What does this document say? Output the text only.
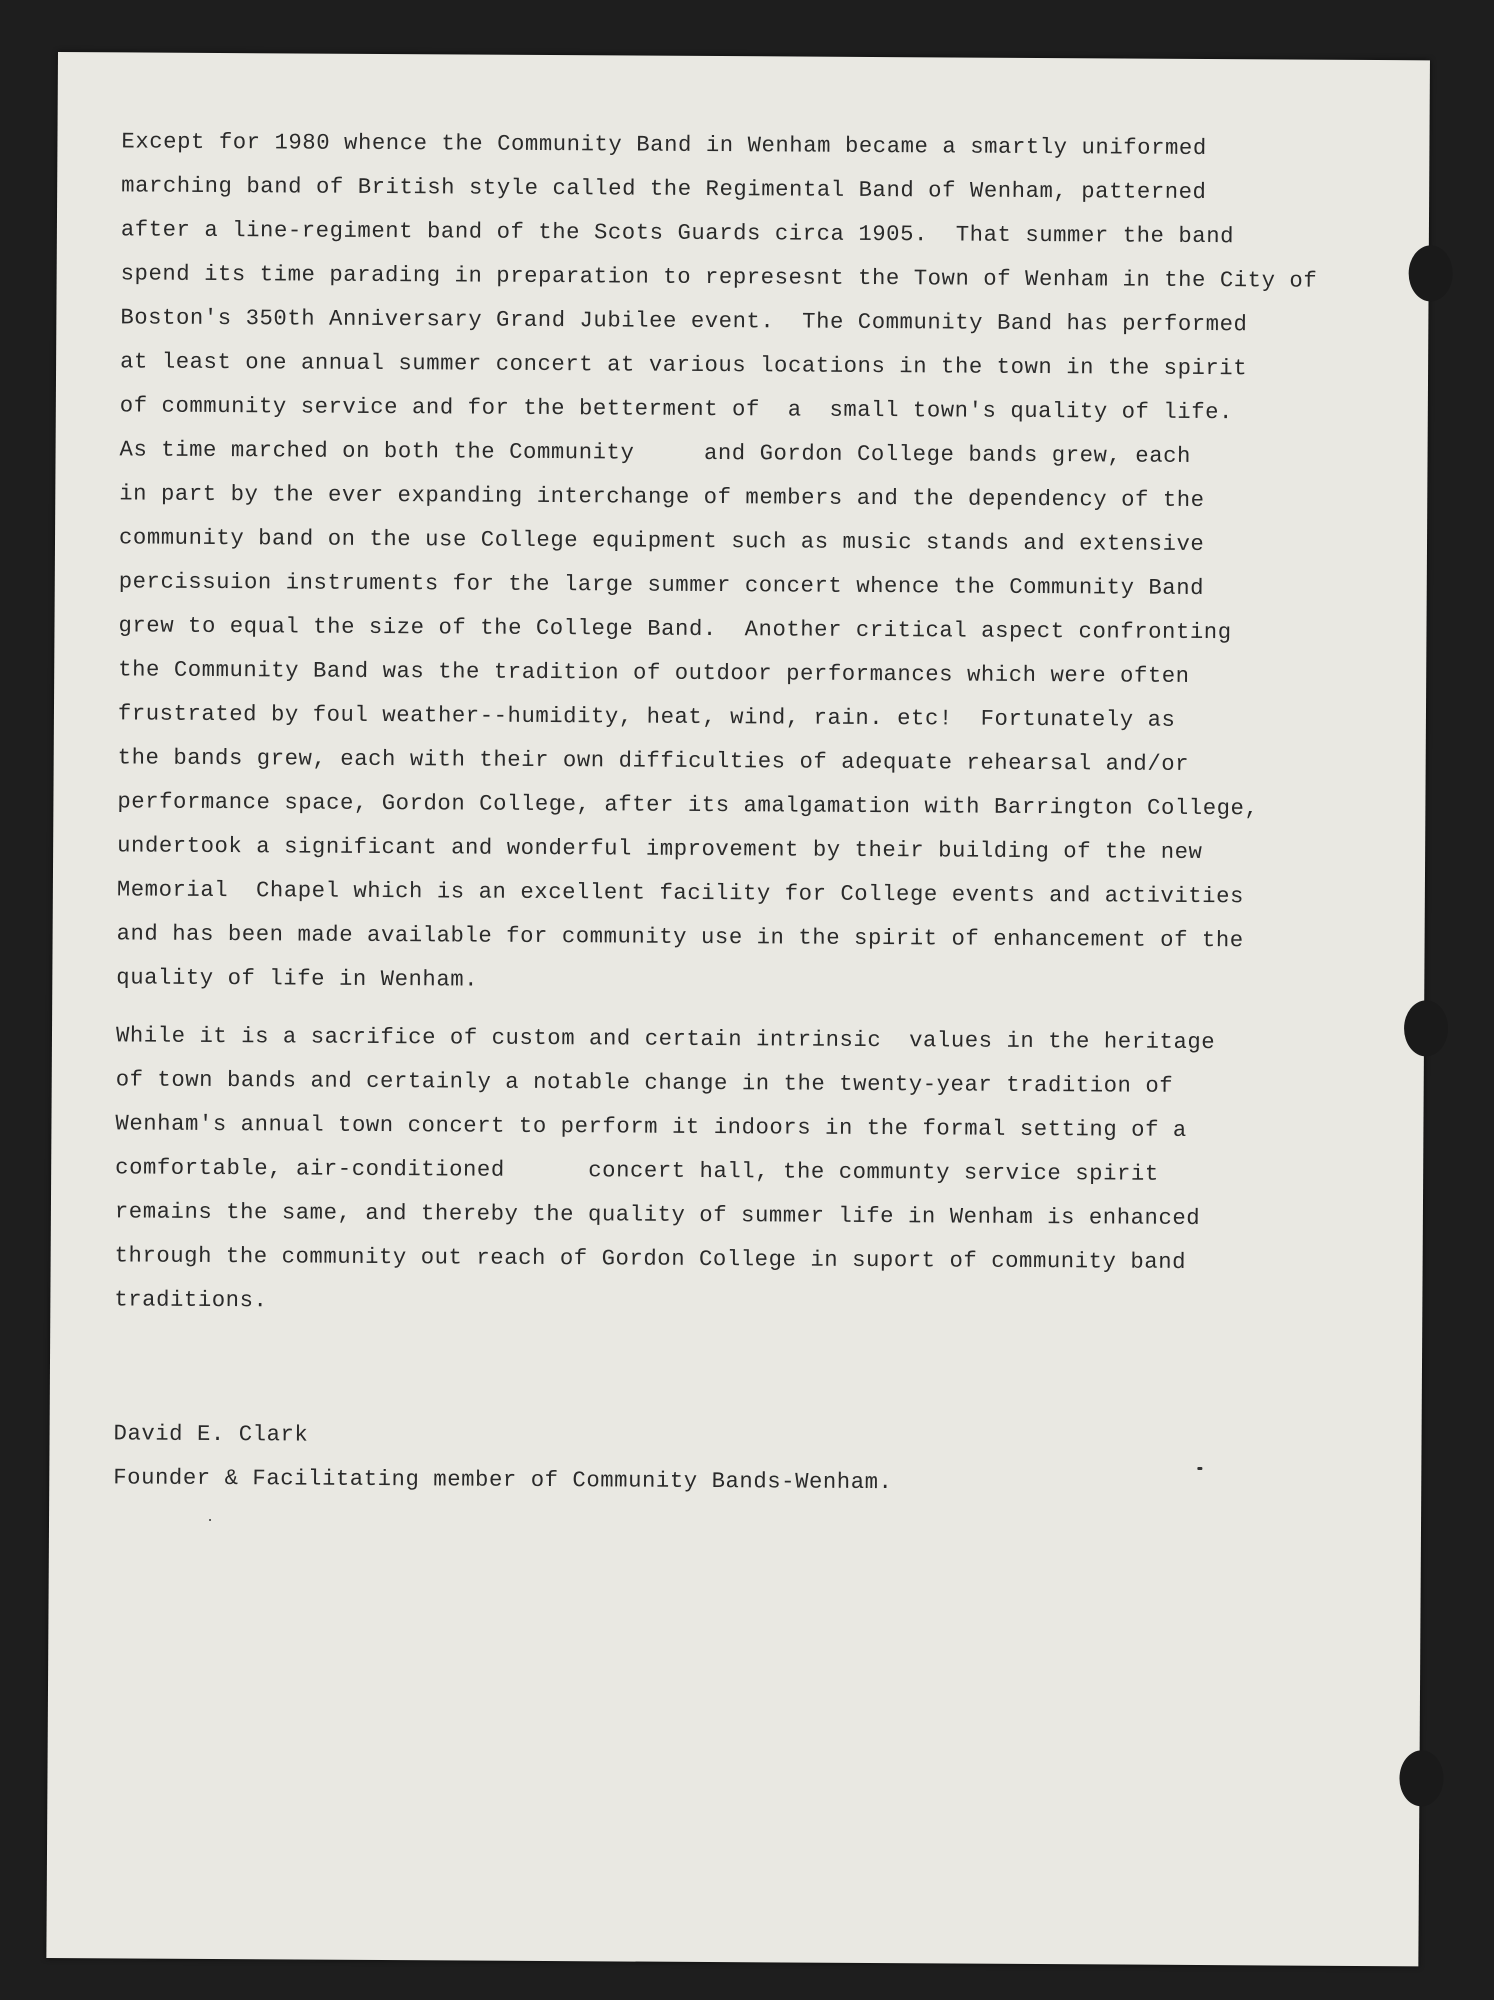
Except for 1980 whence the Community Band in Wenham became a smartly uniformed
marching band of British style called the Regimental Band of Wenham, patterned
after a line-regiment band of the Scots Guards circa 1905.  That summer the band
spend its time parading in preparation to represesnt the Town of Wenham in the City of
Boston's 350th Anniversary Grand Jubilee event.  The Community Band has performed
at least one annual summer concert at various locations in the town in the spirit
of community service and for the betterment of  a  small town's quality of life.
As time marched on both the Community     and Gordon College bands grew, each
in part by the ever expanding interchange of members and the dependency of the
community band on the use College equipment such as music stands and extensive
percissuion instruments for the large summer concert whence the Community Band
grew to equal the size of the College Band.  Another critical aspect confronting
the Community Band was the tradition of outdoor performances which were often
frustrated by foul weather--humidity, heat, wind, rain. etc!  Fortunately as
the bands grew, each with their own difficulties of adequate rehearsal and/or
performance space, Gordon College, after its amalgamation with Barrington College,
undertook a significant and wonderful improvement by their building of the new
Memorial  Chapel which is an excellent facility for College events and activities
and has been made available for community use in the spirit of enhancement of the
quality of life in Wenham.
While it is a sacrifice of custom and certain intrinsic  values in the heritage
of town bands and certainly a notable change in the twenty-year tradition of
Wenham's annual town concert to perform it indoors in the formal setting of a
comfortable, air-conditioned      concert hall, the communty service spirit
remains the same, and thereby the quality of summer life in Wenham is enhanced
through the community out reach of Gordon College in suport of community band
traditions.
David E. Clark
Founder & Facilitating member of Community Bands-Wenham.
